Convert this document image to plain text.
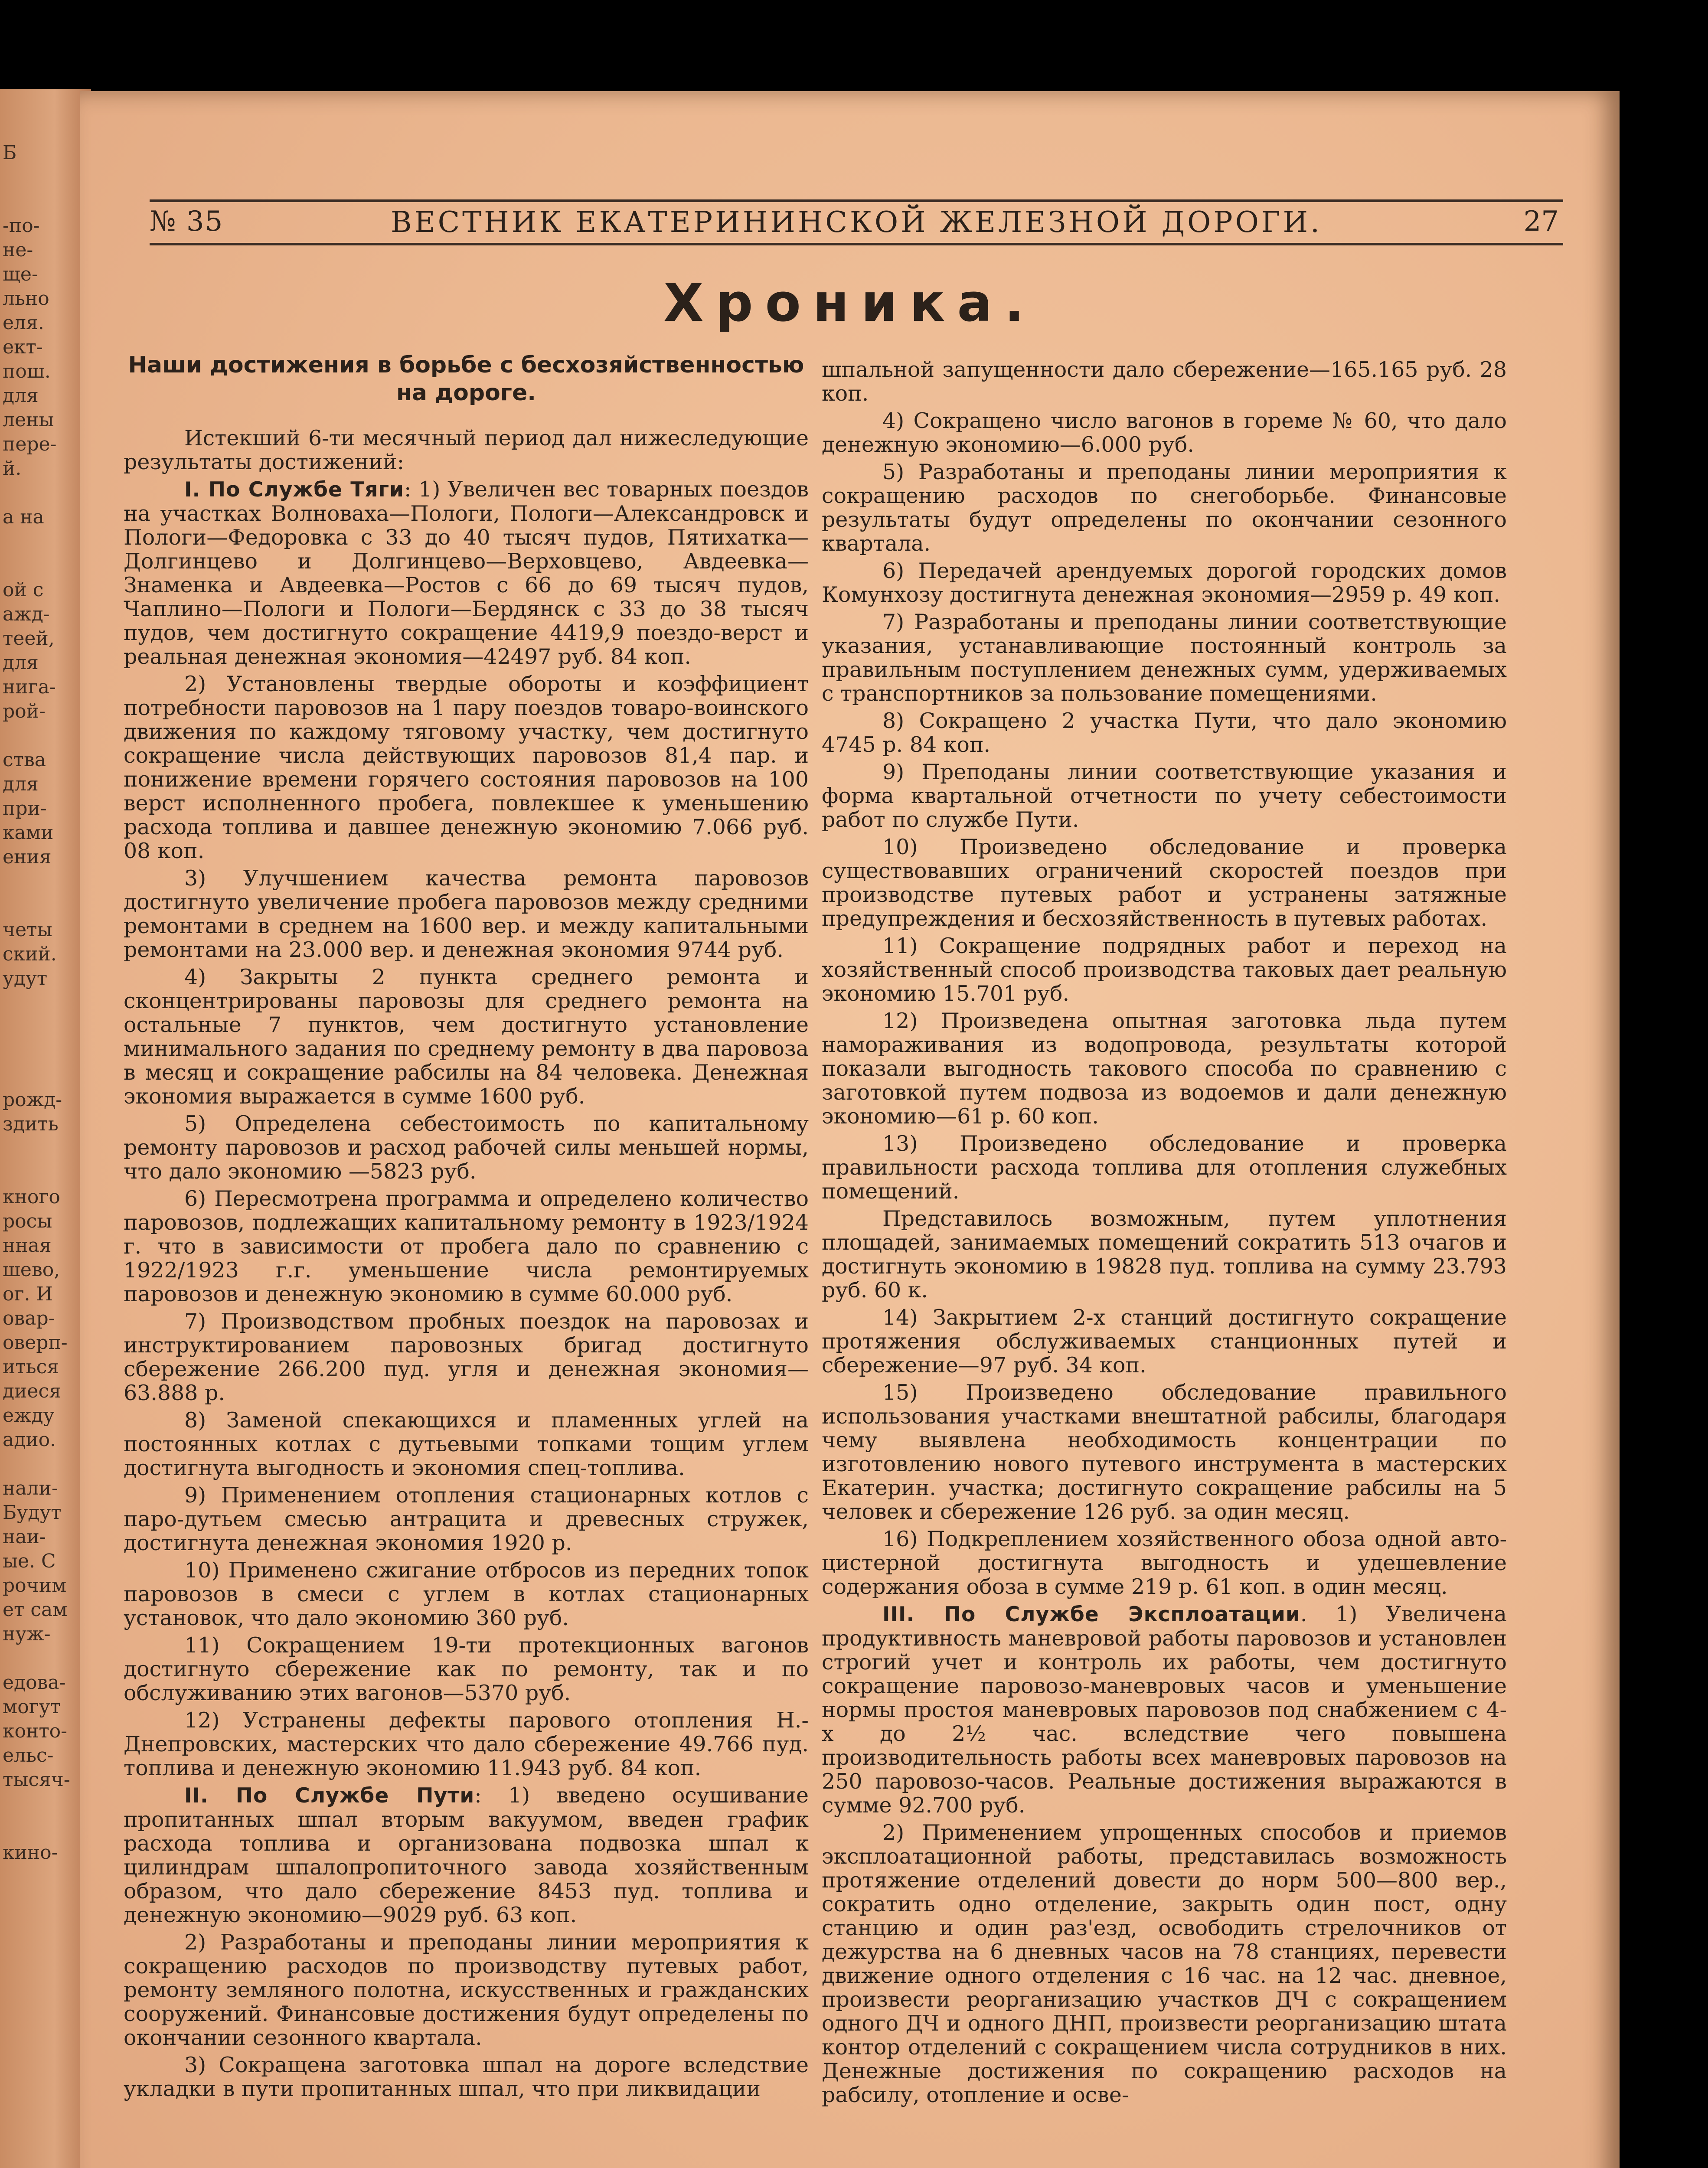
Б
-по-
не-
ще-
льно
еля.
ект-
пош.
для
лены
пере-
й.
а на
ой с
ажд-
теей,
для
нига-
рой-
ства
для
при-
ками
ения
четы
ский.
удут
рожд-
здить
кного
росы
нная
шево,
ог. И
овар-
оверп-
иться
диеся
ежду
адио.
нали-
Будут
наи-
ые. С
рочим
ет сам
нуж-
едова-
могут
конто-
ельс-
тысяч-
кино-
№ 35	ВЕСТНИК ЕКАТЕРИНИНСКОЙ ЖЕЛЕЗНОЙ ДОРОГИ.	27
Хроника.
Наши достижения в борьбе с бесхозяйственностью на дороге.

Истекший 6-ти месячный период дал нижеследующие результаты достижений:

I. По Службе Тяги: 1) Увеличен вес товарных поездов на участках Волноваха—Пологи, Пологи—Александровск и Пологи—Федоровка с 33 до 40 тысяч пудов, Пятихатка—Долгинцево и Долгинцево—Верховцево, Авдеевка—Знаменка и Авдеевка—Ростов с 66 до 69 тысяч пудов, Чаплино—Пологи и Пологи—Бердянск с 33 до 38 тысяч пудов, чем достигнуто сокращение 4419,9 поездо-верст и реальная денежная экономия—42497 руб. 84 коп.

2) Установлены твердые обороты и коэффициент потребности паровозов на 1 пару поездов товаро-воинского движения по каждому тяговому участку, чем достигнуто сокращение числа действующих паровозов 81,4 пар. и понижение времени горячего состояния паровозов на 100 верст исполненного пробега, повлекшее к уменьшению расхода топлива и давшее денежную экономию 7.066 руб. 08 коп.

3) Улучшением качества ремонта паровозов достигнуто увеличение пробега паровозов между средними ремонтами в среднем на 1600 вер. и между капитальными ремонтами на 23.000 вер. и денежная экономия 9744 руб.

4) Закрыты 2 пункта среднего ремонта и сконцентрированы паровозы для среднего ремонта на остальные 7 пунктов, чем достигнуто установление минимального задания по среднему ремонту в два паровоза в месяц и сокращение рабсилы на 84 человека. Денежная экономия выражается в сумме 1600 руб.

5) Определена себестоимость по капитальному ремонту паровозов и расход рабочей силы меньшей нормы, что дало экономию —5823 руб.

6) Пересмотрена программа и определено количество паровозов, подлежащих капитальному ремонту в 1923/1924 г. что в зависимости от пробега дало по сравнению с 1922/1923 г.г. уменьшение числа ремонтируемых паровозов и денежную экономию в сумме 60.000 руб.

7) Производством пробных поездок на паровозах и инструктированием паровозных бригад достигнуто сбережение 266.200 пуд. угля и денежная экономия—63.888 р.

8) Заменой спекающихся и пламенных углей на постоянных котлах с дутьевыми топками тощим углем достигнута выгодность и экономия спец-топлива.

9) Применением отопления стационарных котлов с паро-дутьем смесью антрацита и древесных стружек, достигнута денежная экономия 1920 р.

10) Применено сжигание отбросов из передних топок паровозов в смеси с углем в котлах стационарных установок, что дало экономию 360 руб.

11) Сокращением 19-ти протекционных вагонов достигнуто сбережение как по ремонту, так и по обслуживанию этих вагонов—5370 руб.

12) Устранены дефекты парового отопления Н.-Днепровских, мастерских что дало сбережение 49.766 пуд. топлива и денежную экономию 11.943 руб. 84 коп.

II. По Службе Пути: 1) введено осушивание пропитанных шпал вторым вакуумом, введен график расхода топлива и организована подвозка шпал к цилиндрам шпалопропиточного завода хозяйственным образом, что дало сбережение 8453 пуд. топлива и денежную экономию—9029 руб. 63 коп.

2) Разработаны и преподаны линии мероприятия к сокращению расходов по производству путевых работ, ремонту земляного полотна, искусственных и гражданских сооружений. Финансовые достижения будут определены по окончании сезонного квартала.

3) Сокращена заготовка шпал на дороге вследствие укладки в пути пропитанных шпал, что при ликвидации

шпальной запущенности дало сбережение—165.165 руб. 28 коп.

4) Сокращено число вагонов в гореме № 60, что дало денежную экономию—6.000 руб.

5) Разработаны и преподаны линии мероприятия к сокращению расходов по снегоборьбе. Финансовые результаты будут определены по окончании сезонного квартала.

6) Передачей арендуемых дорогой городских домов Комунхозу достигнута денежная экономия—2959 р. 49 коп.

7) Разработаны и преподаны линии соответствующие указания, устанавливающие постоянный контроль за правильным поступлением денежных сумм, удерживаемых с транспортников за пользование помещениями.

8) Сокращено 2 участка Пути, что дало экономию 4745 р. 84 коп.

9) Преподаны линии соответствующие указания и форма квартальной отчетности по учету себестоимости работ по службе Пути.

10) Произведено обследование и проверка существовавших ограничений скоростей поездов при производстве путевых работ и устранены затяжные предупреждения и бесхозяйственность в путевых работах.

11) Сокращение подрядных работ и переход на хозяйственный способ производства таковых дает реальную экономию 15.701 руб.

12) Произведена опытная заготовка льда путем намораживания из водопровода, результаты которой показали выгодность такового способа по сравнению с заготовкой путем подвоза из водоемов и дали денежную экономию—61 р. 60 коп.

13) Произведено обследование и проверка правильности расхода топлива для отопления служебных помещений.

Представилось возможным, путем уплотнения площадей, занимаемых помещений сократить 513 очагов и достигнуть экономию в 19828 пуд. топлива на сумму 23.793 руб. 60 к.

14) Закрытием 2-х станций достигнуто сокращение протяжения обслуживаемых станционных путей и сбережение—97 руб. 34 коп.

15) Произведено обследование правильного использования участками внештатной рабсилы, благодаря чему выявлена необходимость концентрации по изготовлению нового путевого инструмента в мастерских Екатерин. участка; достигнуто сокращение рабсилы на 5 человек и сбережение 126 руб. за один месяц.

16) Подкреплением хозяйственного обоза одной авто-цистерной достигнута выгодность и удешевление содержания обоза в сумме 219 р. 61 коп. в один месяц.

III. По Службе Эксплоатации. 1) Увеличена продуктивность маневровой работы паровозов и установлен строгий учет и контроль их работы, чем достигнуто сокращение паровозо-маневровых часов и уменьшение нормы простоя маневровых паровозов под снабжением с 4-х до 2½ час. вследствие чего повышена производительность работы всех маневровых паровозов на 250 паровозо-часов. Реальные достижения выражаются в сумме 92.700 руб.

2) Применением упрощенных способов и приемов эксплоатационной работы, представилась возможность протяжение отделений довести до норм 500—800 вер., сократить одно отделение, закрыть один пост, одну станцию и один раз'езд, освободить стрелочников от дежурства на 6 дневных часов на 78 станциях, перевести движение одного отделения с 16 час. на 12 час. дневное, произвести реорганизацию участков ДЧ с сокращением одного ДЧ и одного ДНП, произвести реорганизацию штата контор отделений с сокращением числа сотрудников в них. Денежные достижения по сокращению расходов на рабсилу, отопление и осве-
